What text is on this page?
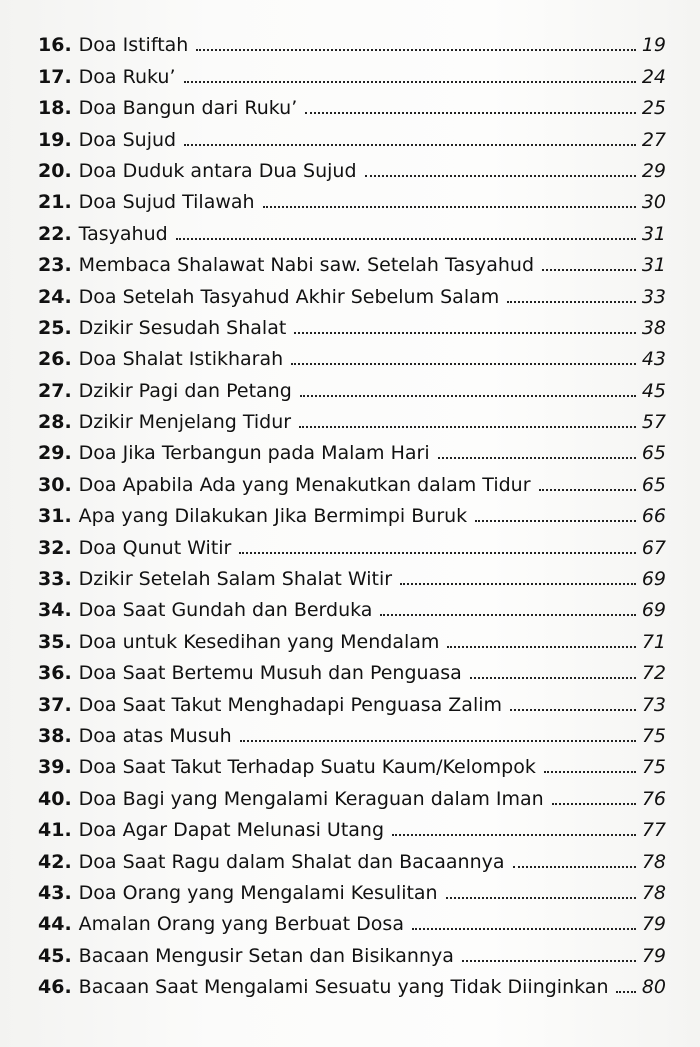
16. Doa Istiftah	19
17. Doa Ruku’	24
18. Doa Bangun dari Ruku’	25
19. Doa Sujud	27
20. Doa Duduk antara Dua Sujud	29
21. Doa Sujud Tilawah	30
22. Tasyahud	31
23. Membaca Shalawat Nabi saw. Setelah Tasyahud	31
24. Doa Setelah Tasyahud Akhir Sebelum Salam	33
25. Dzikir Sesudah Shalat	38
26. Doa Shalat Istikharah	43
27. Dzikir Pagi dan Petang	45
28. Dzikir Menjelang Tidur	57
29. Doa Jika Terbangun pada Malam Hari	65
30. Doa Apabila Ada yang Menakutkan dalam Tidur	65
31. Apa yang Dilakukan Jika Bermimpi Buruk	66
32. Doa Qunut Witir	67
33. Dzikir Setelah Salam Shalat Witir	69
34. Doa Saat Gundah dan Berduka	69
35. Doa untuk Kesedihan yang Mendalam	71
36. Doa Saat Bertemu Musuh dan Penguasa	72
37. Doa Saat Takut Menghadapi Penguasa Zalim	73
38. Doa atas Musuh	75
39. Doa Saat Takut Terhadap Suatu Kaum/Kelompok	75
40. Doa Bagi yang Mengalami Keraguan dalam Iman	76
41. Doa Agar Dapat Melunasi Utang	77
42. Doa Saat Ragu dalam Shalat dan Bacaannya	78
43. Doa Orang yang Mengalami Kesulitan	78
44. Amalan Orang yang Berbuat Dosa	79
45. Bacaan Mengusir Setan dan Bisikannya	79
46. Bacaan Saat Mengalami Sesuatu yang Tidak Diinginkan 80
